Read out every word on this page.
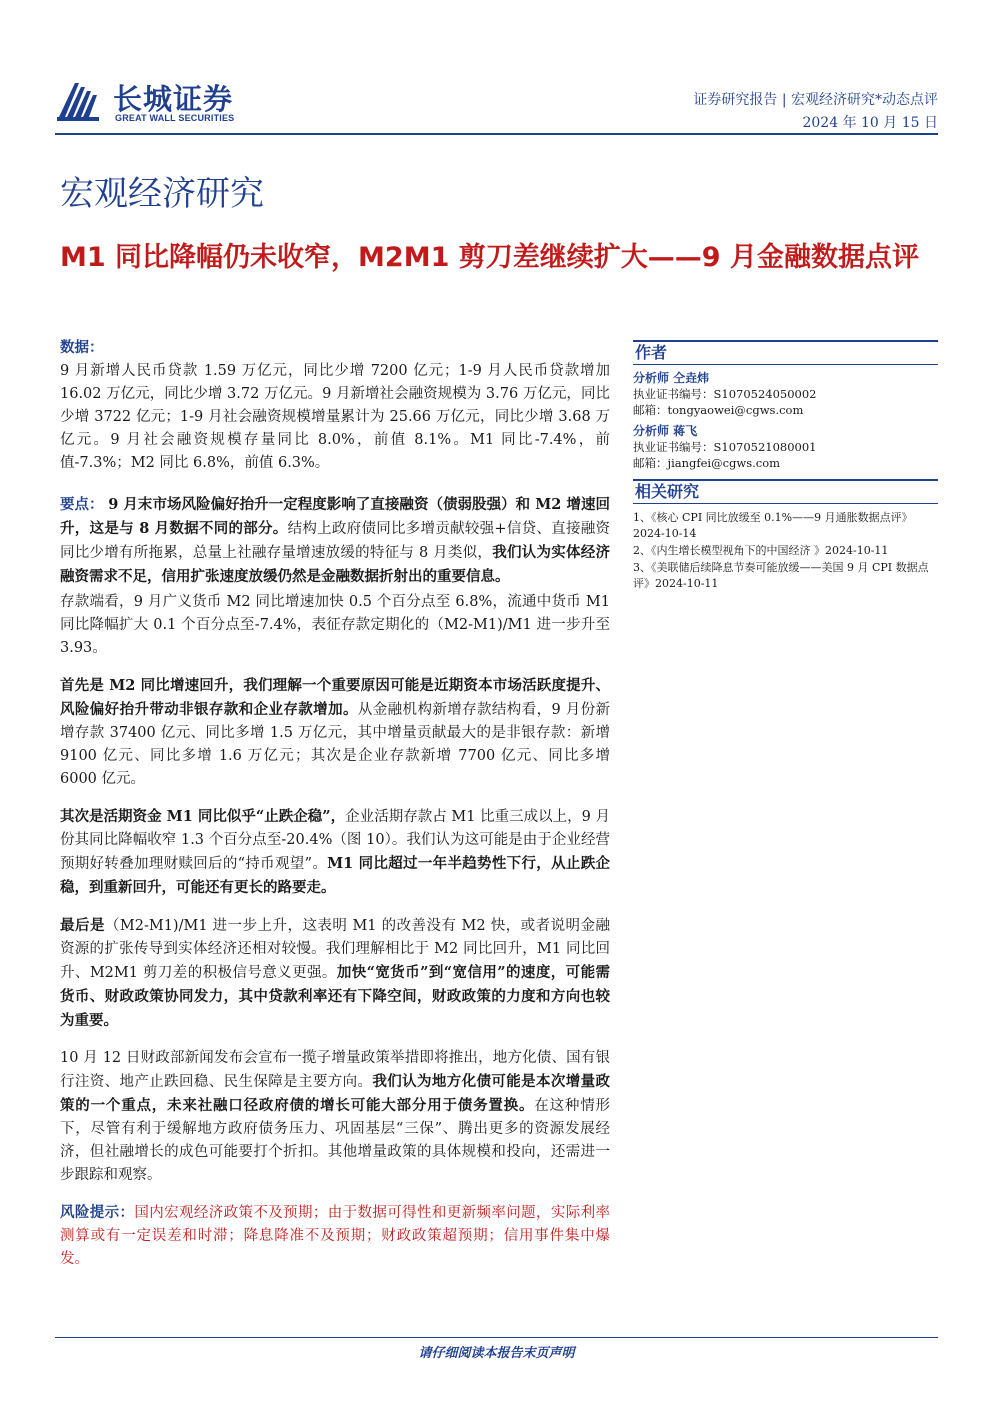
长城证券
GREAT WALL SECURITIES
证券研究报告 | 宏观经济研究*动态点评
2024 年 10 月 15 日
宏观经济研究
M1 同比降幅仍未收窄，M2M1 剪刀差继续扩大——9 月金融数据点评

数据：
9 月新增人民币贷款 1.59 万亿元，同比少增 7200 亿元；1-9 月人民币贷款增加 16.02 万亿元，同比少增 3.72 万亿元。9 月新增社会融资规模为 3.76 万亿元，同比少增 3722 亿元；1-9 月社会融资规模增量累计为 25.66 万亿元，同比少增 3.68 万亿元。9 月社会融资规模存量同比 8.0%，前值 8.1%。M1 同比-7.4%，前值-7.3%；M2 同比 6.8%，前值 6.3%。

要点： 9 月末市场风险偏好抬升一定程度影响了直接融资（债弱股强）和 M2 增速回升，这是与 8 月数据不同的部分。结构上政府债同比多增贡献较强+信贷、直接融资同比少增有所拖累，总量上社融存量增速放缓的特征与 8 月类似，我们认为实体经济融资需求不足，信用扩张速度放缓仍然是金融数据折射出的重要信息。

存款端看，9 月广义货币 M2 同比增速加快 0.5 个百分点至 6.8%，流通中货币 M1 同比降幅扩大 0.1 个百分点至-7.4%，表征存款定期化的（M2-M1)/M1 进一步升至 3.93。

首先是 M2 同比增速回升，我们理解一个重要原因可能是近期资本市场活跃度提升、风险偏好抬升带动非银存款和企业存款增加。从金融机构新增存款结构看，9 月份新增存款 37400 亿元、同比多增 1.5 万亿元，其中增量贡献最大的是非银存款：新增 9100 亿元、同比多增 1.6 万亿元；其次是企业存款新增 7700 亿元、同比多增 6000 亿元。

其次是活期资金 M1 同比似乎“止跌企稳”，企业活期存款占 M1 比重三成以上，9 月份其同比降幅收窄 1.3 个百分点至-20.4%（图 10）。我们认为这可能是由于企业经营预期好转叠加理财赎回后的“持币观望”。M1 同比超过一年半趋势性下行，从止跌企稳，到重新回升，可能还有更长的路要走。

最后是（M2-M1)/M1 进一步上升，这表明 M1 的改善没有 M2 快，或者说明金融资源的扩张传导到实体经济还相对较慢。我们理解相比于 M2 同比回升，M1 同比回升、M2M1 剪刀差的积极信号意义更强。加快“宽货币”到“宽信用”的速度，可能需货币、财政政策协同发力，其中贷款利率还有下降空间，财政政策的力度和方向也较为重要。

10 月 12 日财政部新闻发布会宣布一揽子增量政策举措即将推出，地方化债、国有银行注资、地产止跌回稳、民生保障是主要方向。我们认为地方化债可能是本次增量政策的一个重点，未来社融口径政府债的增长可能大部分用于债务置换。在这种情形下，尽管有利于缓解地方政府债务压力、巩固基层“三保”、腾出更多的资源发展经济，但社融增长的成色可能要打个折扣。其他增量政策的具体规模和投向，还需进一步跟踪和观察。

风险提示：国内宏观经济政策不及预期；由于数据可得性和更新频率问题，实际利率测算或有一定误差和时滞；降息降准不及预期；财政政策超预期；信用事件集中爆发。

作者
分析师 仝垚炜
执业证书编号：S1070524050002
邮箱：tongyaowei@cgws.com
分析师 蒋飞
执业证书编号：S1070521080001
邮箱：jiangfei@cgws.com
相关研究
1、《核心 CPI 同比放缓至 0.1%——9 月通胀数据点评》2024-10-14
2、《内生增长模型视角下的中国经济 》2024-10-11
3、《美联储后续降息节奏可能放缓——美国 9 月 CPI 数据点评》2024-10-11
请仔细阅读本报告末页声明
